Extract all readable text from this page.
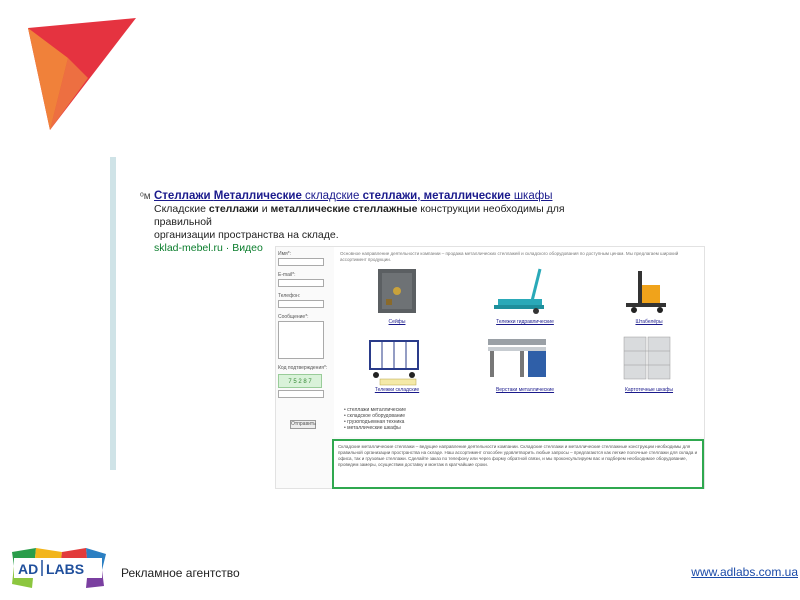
ᵒм Стеллажи Металлические складские стеллажи, металлические шкафы
Складские стеллажи и металлические стеллажные конструкции необходимы для правильной
организации пространства на складе.
sklad-mebel.ru · Видео	Имя*:
E-mail*:
Телефон:
Сообщение*:
Код подтверждения*:
7 5 2 8 7
Отправить
Основное направление деятельности компании – продажа металлических стеллажей и складского оборудования по доступным ценам. Мы предлагаем широкий ассортимент продукции.
Сейфы	Тележки гидравлические	Штабелёры
Тележки складские	Верстаки металлические	Картотечные шкафы
• стеллажи металлические
• складское оборудование
• грузоподъемная техника
• металлические шкафы
Складские металлические стеллажи – ведущее направление деятельности компании. Складские стеллажи и металлические стеллажные конструкции необходимы для правильной организации пространства на складе. Наш ассортимент способен удовлетворить любые запросы – предлагаются как легкие полочные стеллажи для склада и офиса, так и грузовые стеллажи. Сделайте заказ по телефону или через форму обратной связи, и мы проконсультируем вас и подберем необходимое оборудование, проведем замеры, осуществим доставку и монтаж в кратчайшие сроки.
AD LABS	Рекламное агентство	www.adlabs.com.ua
